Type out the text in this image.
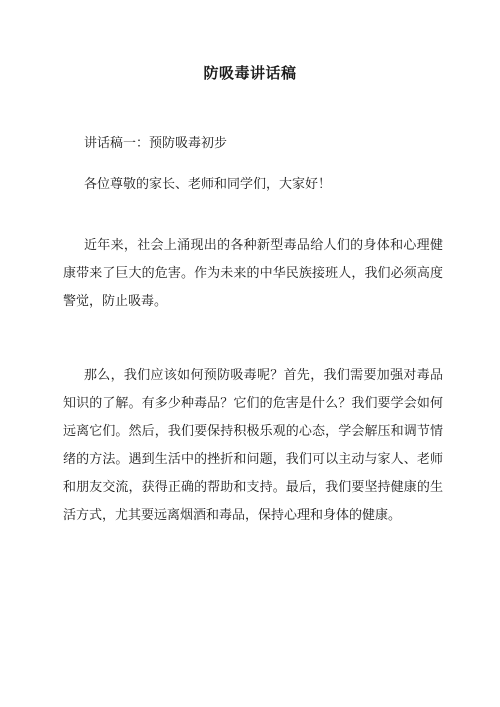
防吸毒讲话稿
讲话稿一：预防吸毒初步
各位尊敬的家长、老师和同学们，大家好！

近年来，社会上涌现出的各种新型毒品给人们的身体和心理健康带来了巨大的危害。作为未来的中华民族接班人，我们必须高度警觉，防止吸毒。

那么，我们应该如何预防吸毒呢？首先，我们需要加强对毒品知识的了解。有多少种毒品？它们的危害是什么？我们要学会如何远离它们。然后，我们要保持积极乐观的心态，学会解压和调节情绪的方法。遇到生活中的挫折和问题，我们可以主动与家人、老师和朋友交流，获得正确的帮助和支持。最后，我们要坚持健康的生活方式，尤其要远离烟酒和毒品，保持心理和身体的健康。
